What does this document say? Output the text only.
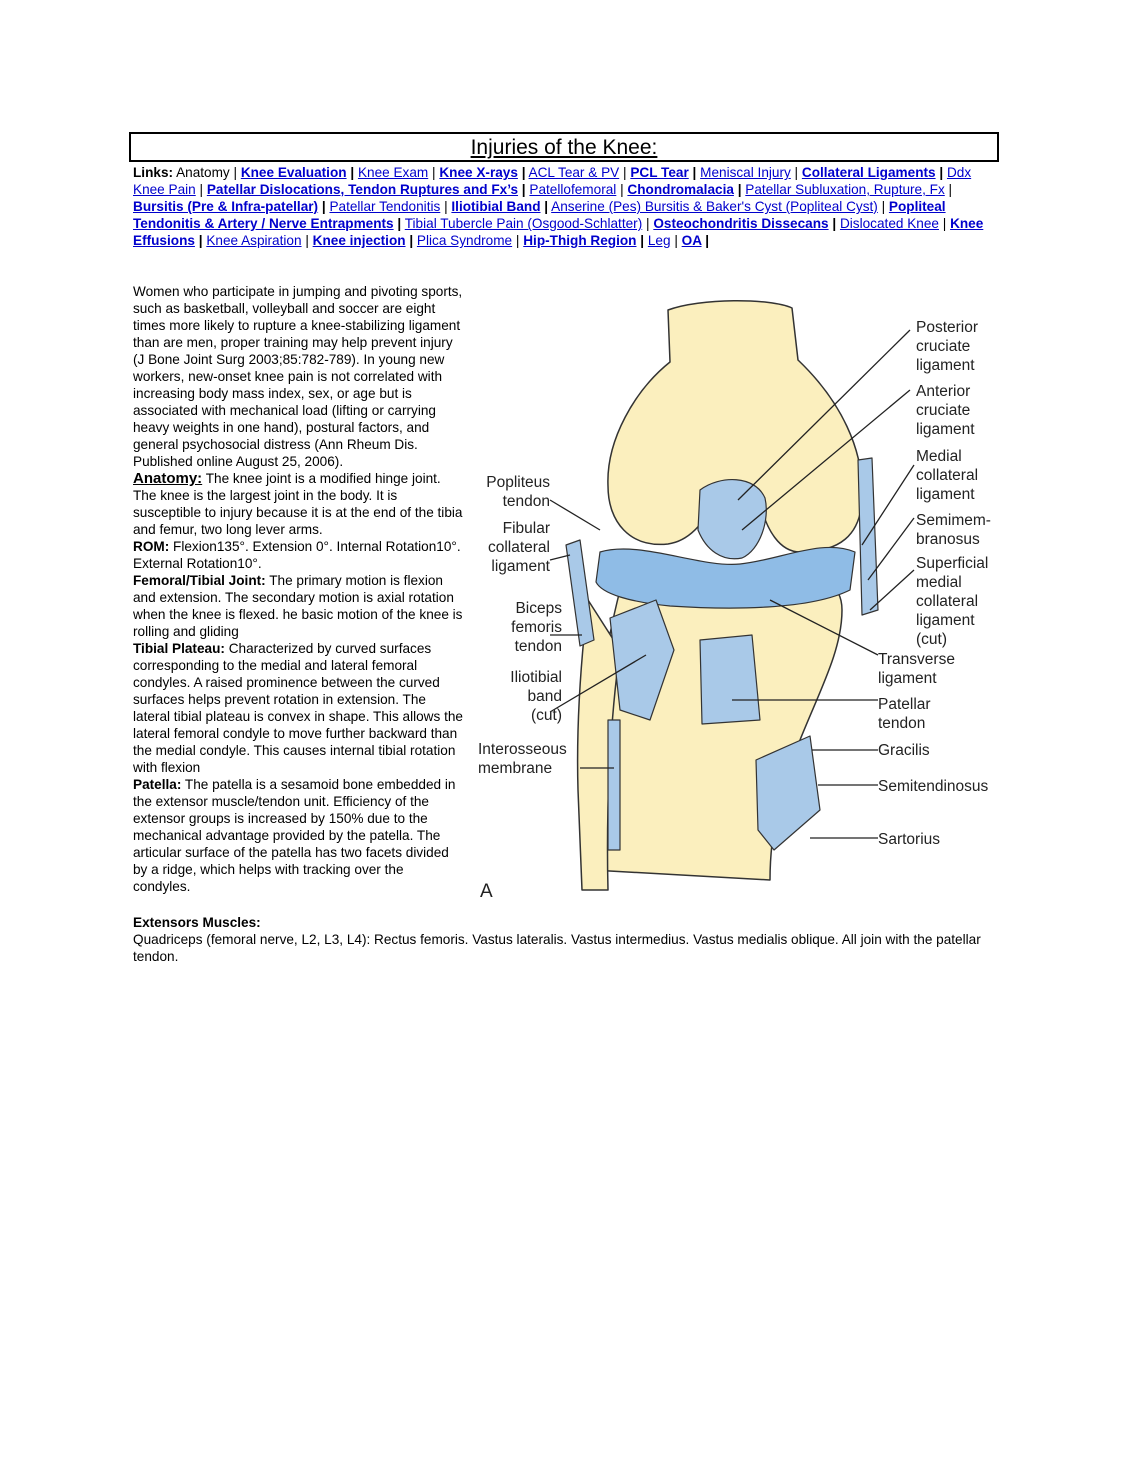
Injuries of the Knee:
Links: Anatomy | Knee Evaluation | Knee Exam | Knee X-rays | ACL Tear & PV | PCL Tear | Meniscal Injury | Collateral Ligaments | Ddx Knee Pain | Patellar Dislocations, Tendon Ruptures and Fx’s | Patellofemoral | Chondromalacia | Patellar Subluxation, Rupture, Fx | Bursitis (Pre & Infra-patellar) | Patellar Tendonitis | Iliotibial Band | Anserine (Pes) Bursitis & Baker's Cyst (Popliteal Cyst) | Popliteal Tendonitis & Artery / Nerve Entrapments | Tibial Tubercle Pain (Osgood-Schlatter) | Osteochondritis Dissecans | Dislocated Knee | Knee Effusions | Knee Aspiration | Knee injection | Plica Syndrome | Hip-Thigh Region | Leg | OA |

Women who participate in jumping and pivoting sports, such as basketball, volleyball and soccer are eight times more likely to rupture a knee-stabilizing ligament than are men, proper training may help prevent injury (J Bone Joint Surg 2003;85:782-789). In young new workers, new-onset knee pain is not correlated with increasing body mass index, sex, or age but is associated with mechanical load (lifting or carrying heavy weights in one hand), postural factors, and general psychosocial distress (Ann Rheum Dis. Published online August 25, 2006).

Anatomy: The knee joint is a modified hinge joint. The knee is the largest joint in the body. It is susceptible to injury because it is at the end of the tibia and femur, two long lever arms.

ROM: Flexion135°. Extension 0°. Internal Rotation10°. External Rotation10°.

Femoral/Tibial Joint: The primary motion is flexion and extension. The secondary motion is axial rotation when the knee is flexed. he basic motion of the knee is rolling and gliding

Tibial Plateau: Characterized by curved surfaces corresponding to the medial and lateral femoral condyles. A raised prominence between the curved surfaces helps prevent rotation in extension. The lateral tibial plateau is convex in shape. This allows the lateral femoral condyle to move further backward than the medial condyle. This causes internal tibial rotation with flexion

Patella: The patella is a sesamoid bone embedded in the extensor muscle/tendon unit. Efficiency of the extensor groups is increased by 150% due to the mechanical advantage provided by the patella. The articular surface of the patella has two facets divided by a ridge, which helps with tracking over the condyles.

Extensors Muscles:

Quadriceps (femoral nerve, L2, L3, L4): Rectus femoris. Vastus lateralis. Vastus intermedius. Vastus medialis oblique. All join with the patellar tendon.

Popliteus
tendon
Fibular
collateral
ligament
Biceps
femoris
tendon
Iliotibial
band
(cut)
Interosseous
membrane
Posterior
cruciate
ligament
Anterior
cruciate
ligament
Medial
collateral
ligament
Semimem-
branosus
Superficial
medial
collateral
ligament
(cut)
Transverse
ligament
Patellar
tendon
Gracilis
Semitendinosus
Sartorius
A
